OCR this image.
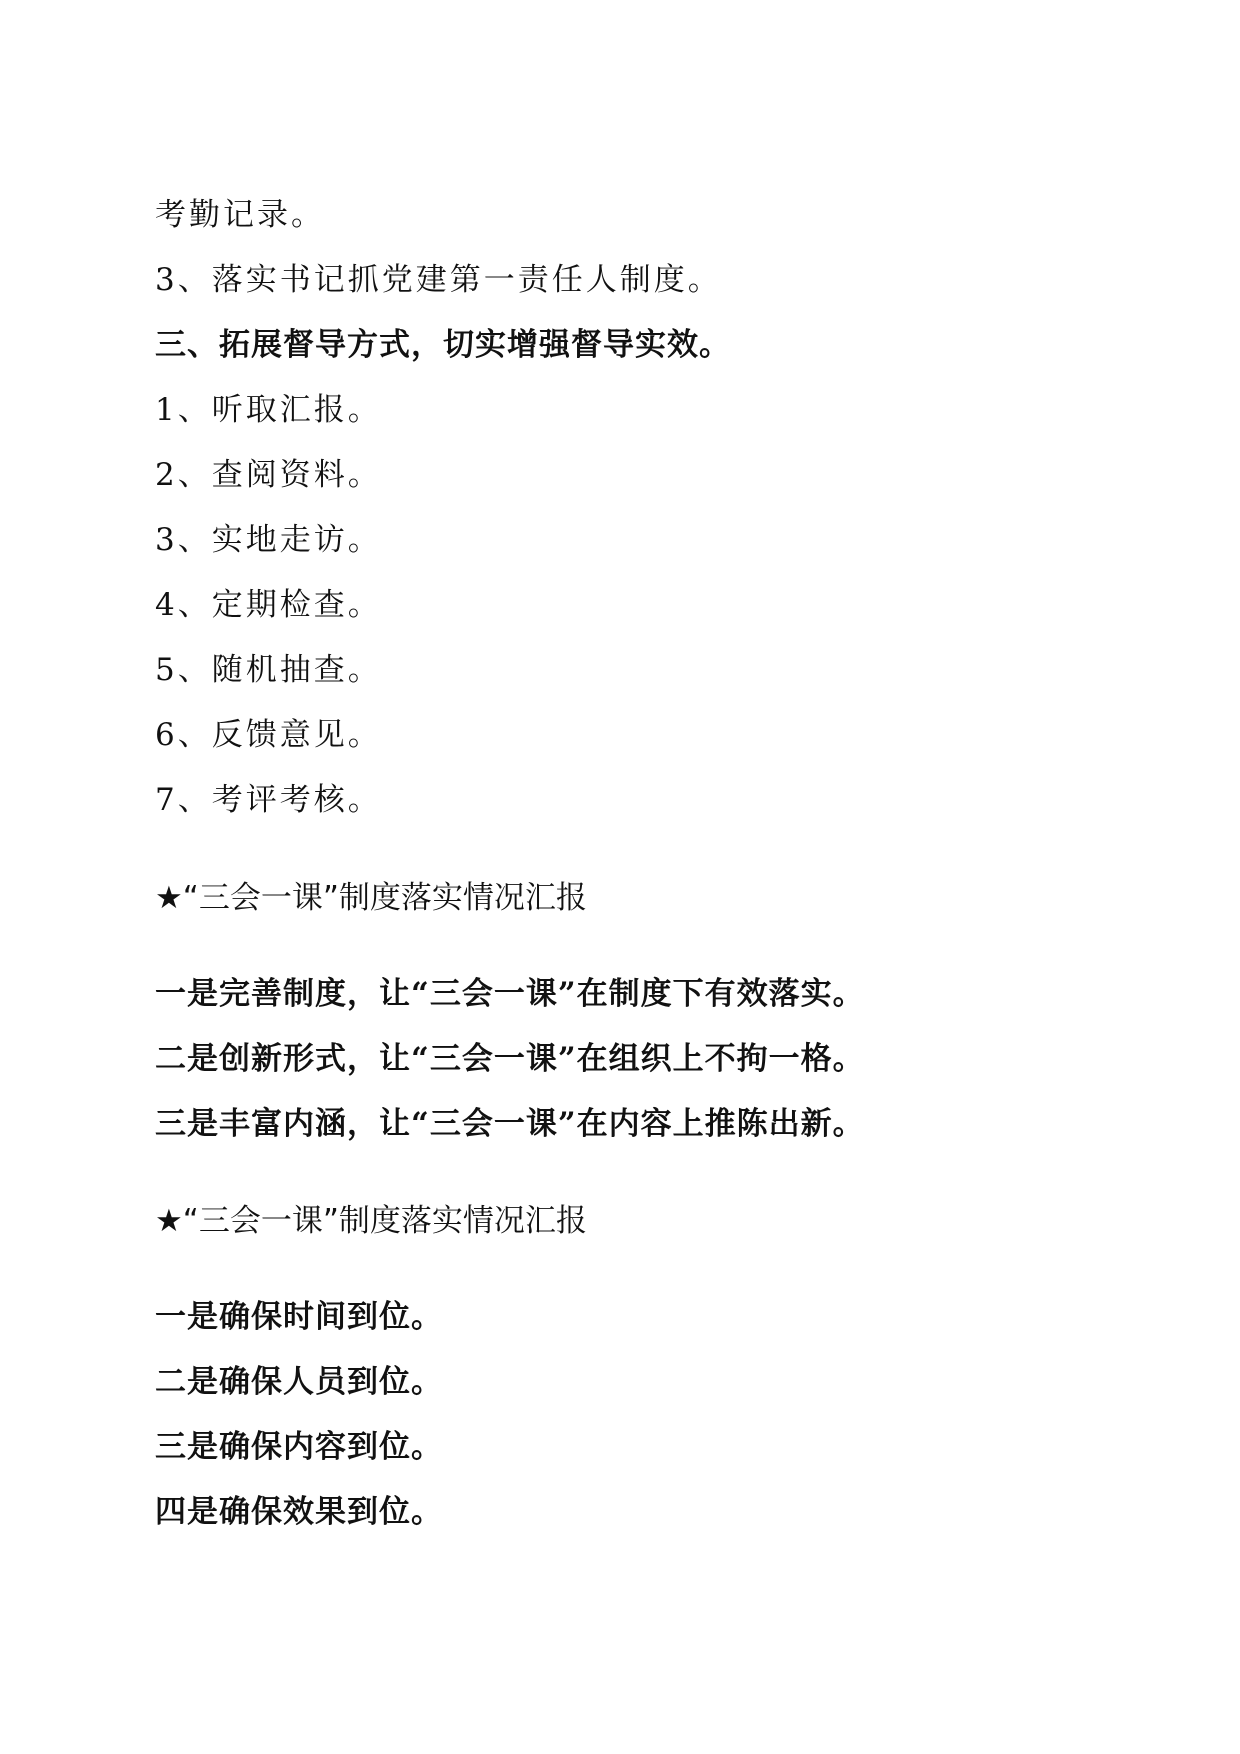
考勤记录。
3、落实书记抓党建第一责任人制度。
三、拓展督导方式，切实增强督导实效。
1、听取汇报。
2、查阅资料。
3、实地走访。
4、定期检查。
5、随机抽查。
6、反馈意见。
7、考评考核。
★“三会一课”制度落实情况汇报
一是完善制度，让“三会一课”在制度下有效落实。
二是创新形式，让“三会一课”在组织上不拘一格。
三是丰富内涵，让“三会一课”在内容上推陈出新。
★“三会一课”制度落实情况汇报
一是确保时间到位。
二是确保人员到位。
三是确保内容到位。
四是确保效果到位。
